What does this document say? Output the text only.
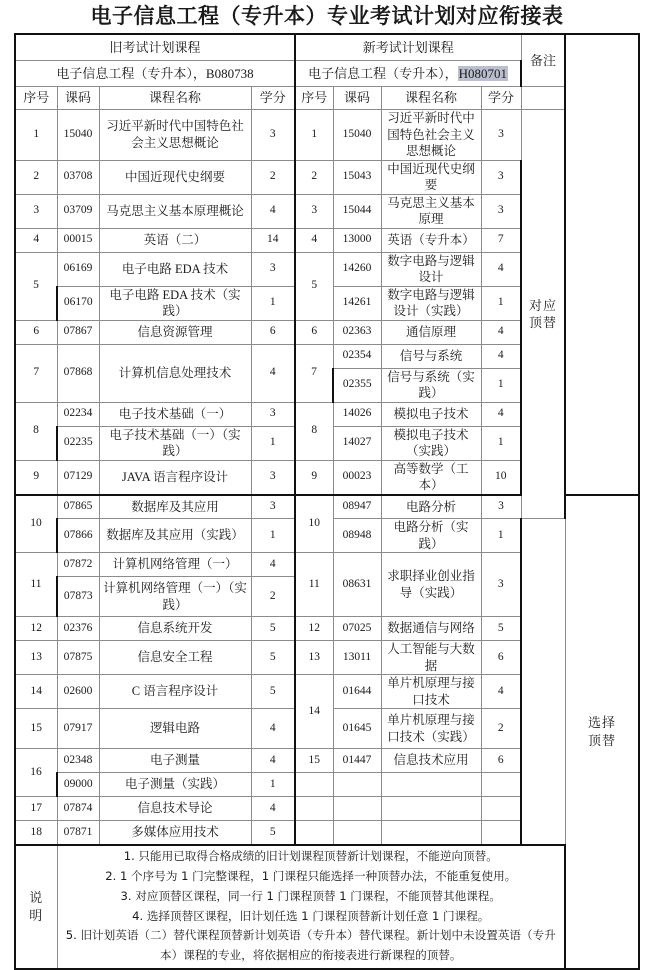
电子信息工程（专升本）专业考试计划对应衔接表
旧考试计划课程				新考试计划课程				备注	
电子信息工程（专升本），B080738				电子信息工程（专升本），H080701					
序号	课码	课程名称	学分	序号	课码	课程名称	学分		
1	15040	习近平新时代中国特色社会主义思想概论	3	1	15040	习近平新时代中国特色社会主义思想概论	3	对应
顶替	

2	03708	中国近现代史纲要	2	2	15043	中国近现代史纲要	3		
3	03709	马克思主义基本原理概论	4	3	15044	马克思主义基本原理	3		
4	00015	英语（二）	14	4	13000	英语（专升本）	7		
5	06169	电子电路 EDA 技术	3	5	14260	数字电路与逻辑设计	4		
	06170	电子电路 EDA 技术（实践）	1		14261	数字电路与逻辑设计（实践）	1		
6	07867	信息资源管理	6	6	02363	通信原理	4		
7	07868	计算机信息处理技术	4	7	02354	信号与系统	4		
					02355	信号与系统（实践）	1		
8	02234	电子技术基础（一）	3	8	14026	模拟电子技术	4		
	02235	电子技术基础（一）（实践）	1		14027	模拟电子技术（实践）	1		
9	07129	JAVA 语言程序设计	3	9	00023	高等数学（工本）	10		
10	07865	数据库及其应用	3	10	08947	电路分析	3		选择
顶替

	07866	数据库及其应用（实践）	1		08948	电路分析（实践）	1		
11	07872	计算机网络管理（一）	4	11	08631	求职择业创业指导（实践）	3		
	07873	计算机网络管理（一）（实践）	2						
12	02376	信息系统开发	5	12	07025	数据通信与网络	5		
13	07875	信息安全工程	5	13	13011	人工智能与大数据	6		
14	02600	C 语言程序设计	5	14	01644	单片机原理与接口技术	4		
15	07917	逻辑电路	4		01645	单片机原理与接口技术（实践）	2		
16	02348	电子测量	4	15	01447	信息技术应用	6		
	09000	电子测量（实践）	1						
17	07874	信息技术导论	4						
18	07871	多媒体应用技术	5						

说
明

1. 只能用已取得合格成绩的旧计划课程顶替新计划课程，不能逆向顶替。
2. 1 个序号为 1 门完整课程，1 门课程只能选择一种顶替办法，不能重复使用。
3. 对应顶替区课程，同一行 1 门课程顶替 1 门课程，不能顶替其他课程。
4. 选择顶替区课程，旧计划任选 1 门课程顶替新计划任意 1 门课程。
5. 旧计划英语（二）替代课程顶替新计划英语（专升本）替代课程。新计划中未设置英语（专升本）课程的专业，将依据相应的衔接表进行新课程的顶替。
